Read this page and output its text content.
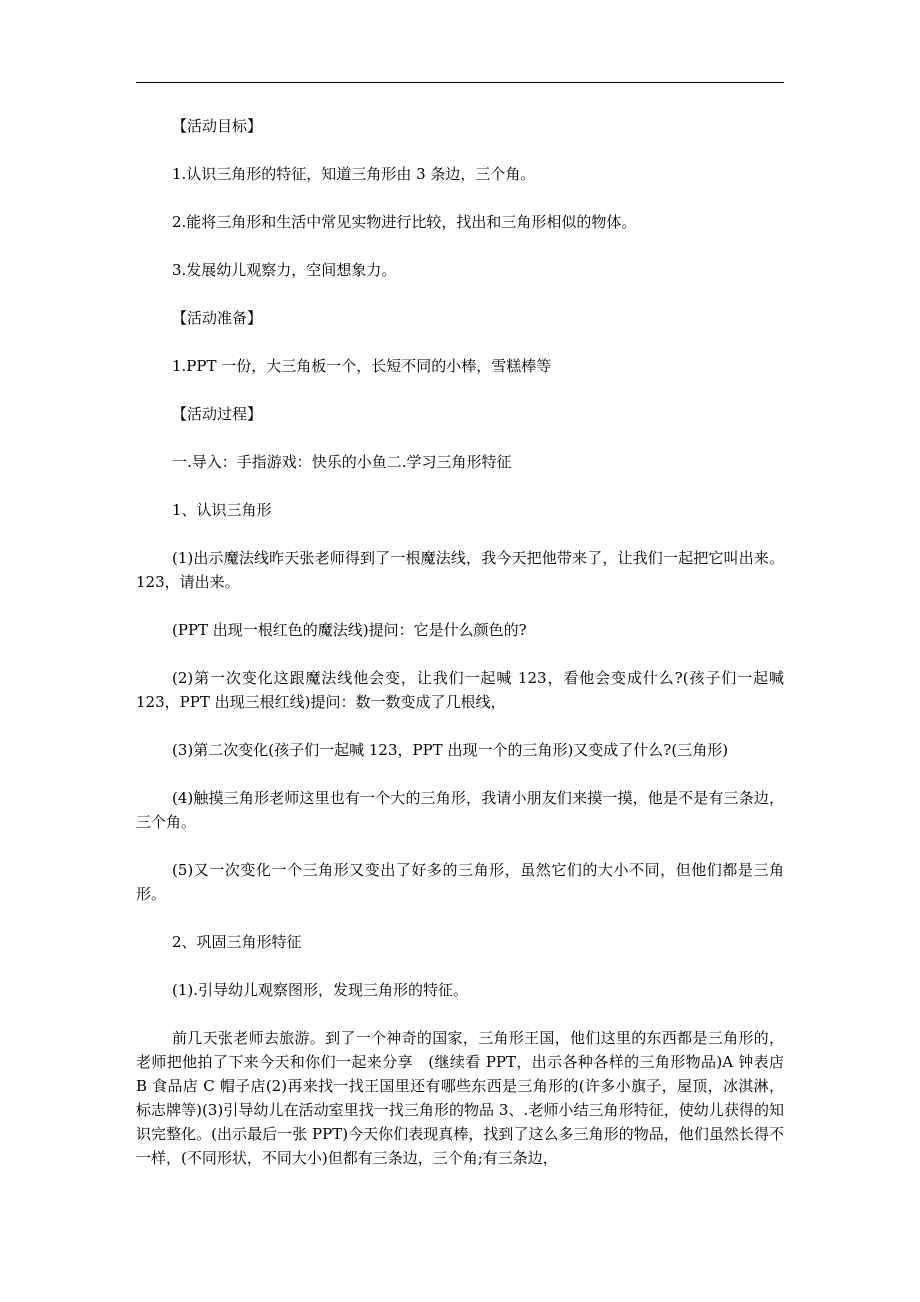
【活动目标】

1.认识三角形的特征，知道三角形由 3 条边，三个角。

2.能将三角形和生活中常见实物进行比较，找出和三角形相似的物体。

3.发展幼儿观察力，空间想象力。

【活动准备】

1.PPT 一份，大三角板一个，长短不同的小棒，雪糕棒等

【活动过程】

一.导入：手指游戏：快乐的小鱼二.学习三角形特征

1、认识三角形

(1)出示魔法线昨天张老师得到了一根魔法线，我今天把他带来了，让我们一起把它叫出来。123，请出来。

(PPT 出现一根红色的魔法线)提问：它是什么颜色的?

(2)第一次变化这跟魔法线他会变，让我们一起喊 123，看他会变成什么?(孩子们一起喊 123，PPT 出现三根红线)提问：数一数变成了几根线，

(3)第二次变化(孩子们一起喊 123，PPT 出现一个的三角形)又变成了什么?(三角形)

(4)触摸三角形老师这里也有一个大的三角形，我请小朋友们来摸一摸，他是不是有三条边，三个角。

(5)又一次变化一个三角形又变出了好多的三角形，虽然它们的大小不同，但他们都是三角形。

2、巩固三角形特征

(1).引导幼儿观察图形，发现三角形的特征。

前几天张老师去旅游。到了一个神奇的国家，三角形王国，他们这里的东西都是三角形的，老师把他拍了下来今天和你们一起来分享　(继续看 PPT，出示各种各样的三角形物品)A 钟表店 B 食品店 C 帽子店(2)再来找一找王国里还有哪些东西是三角形的(许多小旗子，屋顶，冰淇淋，标志牌等)(3)引导幼儿在活动室里找一找三角形的物品 3、.老师小结三角形特征，使幼儿获得的知识完整化。(出示最后一张 PPT)今天你们表现真棒，找到了这么多三角形的物品，他们虽然长得不一样，(不同形状，不同大小)但都有三条边，三个角;有三条边，
